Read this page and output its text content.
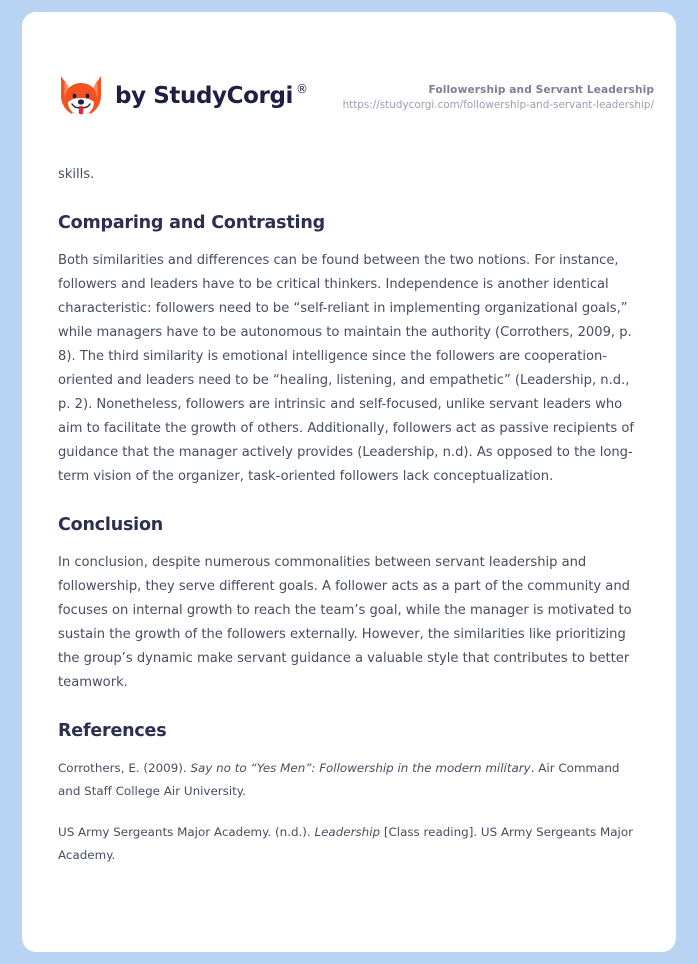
by StudyCorgi ®	Followership and Servant Leadership
https://studycorgi.com/followership-and-servant-leadership/

skills.

Comparing and Contrasting

Both similarities and differences can be found between the two notions. For instance, followers and leaders have to be critical thinkers. Independence is another identical characteristic: followers need to be “self-reliant in implementing organizational goals,” while managers have to be autonomous to maintain the authority (Corrothers, 2009, p. 8). The third similarity is emotional intelligence since the followers are cooperation-oriented and leaders need to be “healing, listening, and empathetic” (Leadership, n.d., p. 2). Nonetheless, followers are intrinsic and self-focused, unlike servant leaders who aim to facilitate the growth of others. Additionally, followers act as passive recipients of guidance that the manager actively provides (Leadership, n.d). As opposed to the long-term vision of the organizer, task-oriented followers lack conceptualization.

Conclusion

In conclusion, despite numerous commonalities between servant leadership and followership, they serve different goals. A follower acts as a part of the community and focuses on internal growth to reach the team’s goal, while the manager is motivated to sustain the growth of the followers externally. However, the similarities like prioritizing the group’s dynamic make servant guidance a valuable style that contributes to better teamwork.

References

Corrothers, E. (2009). Say no to “Yes Men”: Followership in the modern military. Air Command and Staff College Air University.

US Army Sergeants Major Academy. (n.d.). Leadership [Class reading]. US Army Sergeants Major Academy.
